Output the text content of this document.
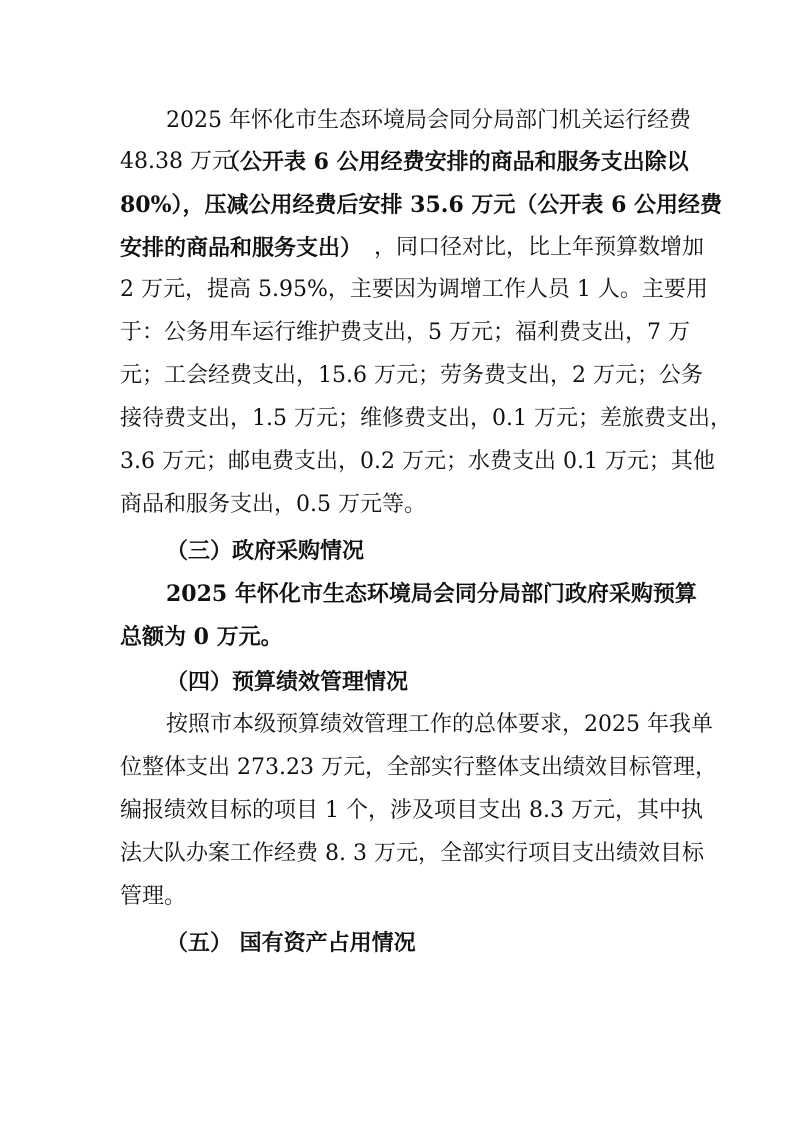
2025 年怀化市生态环境局会同分局部门机关运行经费
48.38 万元
（公开表 6 公用经费安排的商品和服务支出除以
80%），压减公用经费后安排 35.6 万元（公开表 6 公用经费
安排的商品和服务支出） ，同口径对比，比上年预算数增加
2 万元，提高 5.95%，主要因为调增工作人员 1 人。主要用
于：公务用车运行维护费支出，5 万元；福利费支出，7 万
元；工会经费支出，15.6 万元；劳务费支出，2 万元；公务
接待费支出，1.5 万元；维修费支出，0.1 万元；差旅费支出，
3.6 万元；邮电费支出，0.2 万元；水费支出 0.1 万元；其他
商品和服务支出，0.5 万元等。
（三）政府采购情况
2025 年怀化市生态环境局会同分局部门政府采购预算
总额为 0 万元。
（四）预算绩效管理情况
按照市本级预算绩效管理工作的总体要求，2025 年我单
位整体支出 273.23 万元，全部实行整体支出绩效目标管理，
编报绩效目标的项目 1 个，涉及项目支出 8.3 万元，其中执
法大队办案工作经费 8. 3 万元，全部实行项目支出绩效目标
管理。
（五） 国有资产占用情况
